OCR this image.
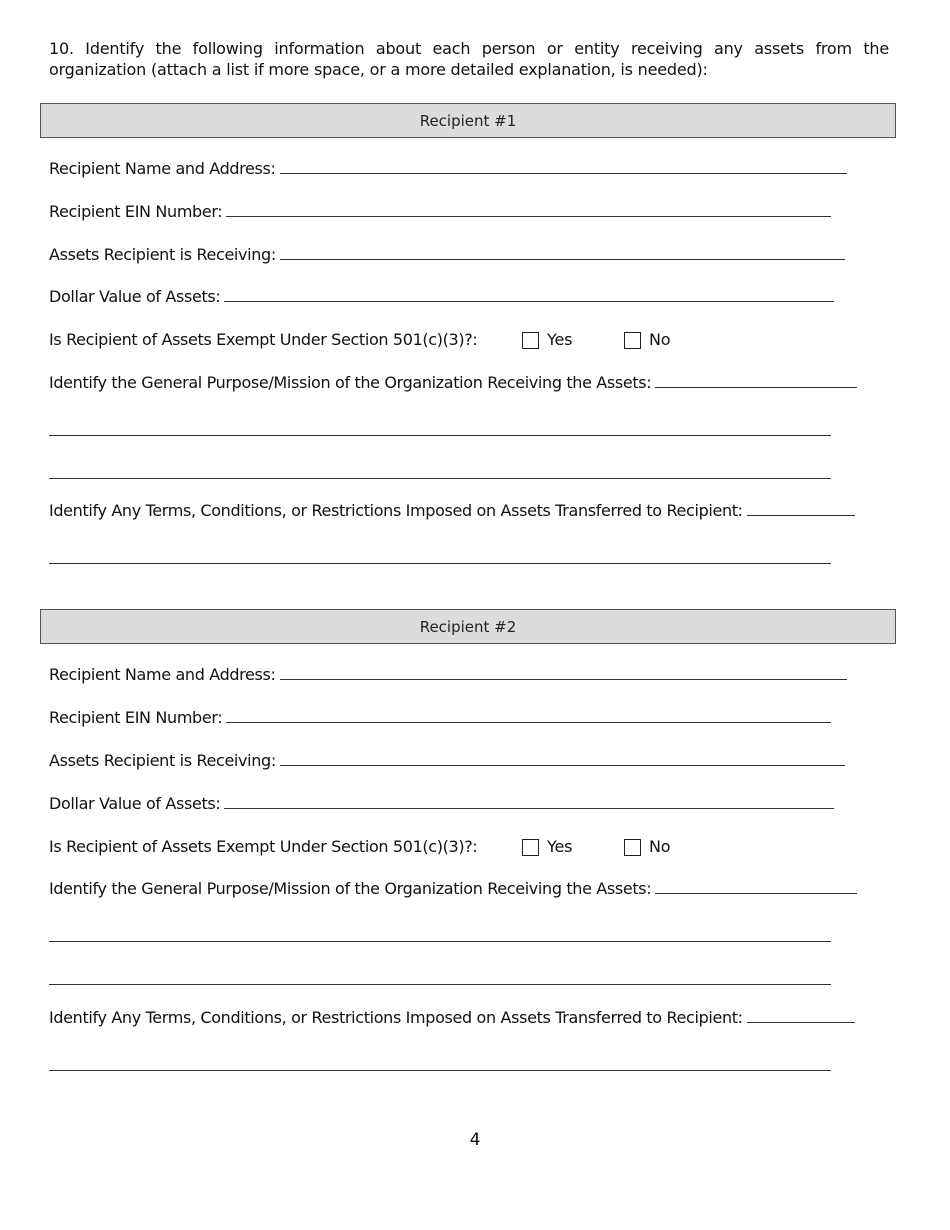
10. Identify the following information about each person or entity receiving any assets from the organization (attach a list if more space, or a more detailed explanation, is needed):
Recipient #1
Recipient Name and Address:
Recipient EIN Number:
Assets Recipient is Receiving:
Dollar Value of Assets:
Is Recipient of Assets Exempt Under Section 501(c)(3)?:	Yes	No
Identify the General Purpose/Mission of the Organization Receiving the Assets:
Identify Any Terms, Conditions, or Restrictions Imposed on Assets Transferred to Recipient:
Recipient #2
Recipient Name and Address:
Recipient EIN Number:
Assets Recipient is Receiving:
Dollar Value of Assets:
Is Recipient of Assets Exempt Under Section 501(c)(3)?:	Yes	No
Identify the General Purpose/Mission of the Organization Receiving the Assets:
Identify Any Terms, Conditions, or Restrictions Imposed on Assets Transferred to Recipient:
4
